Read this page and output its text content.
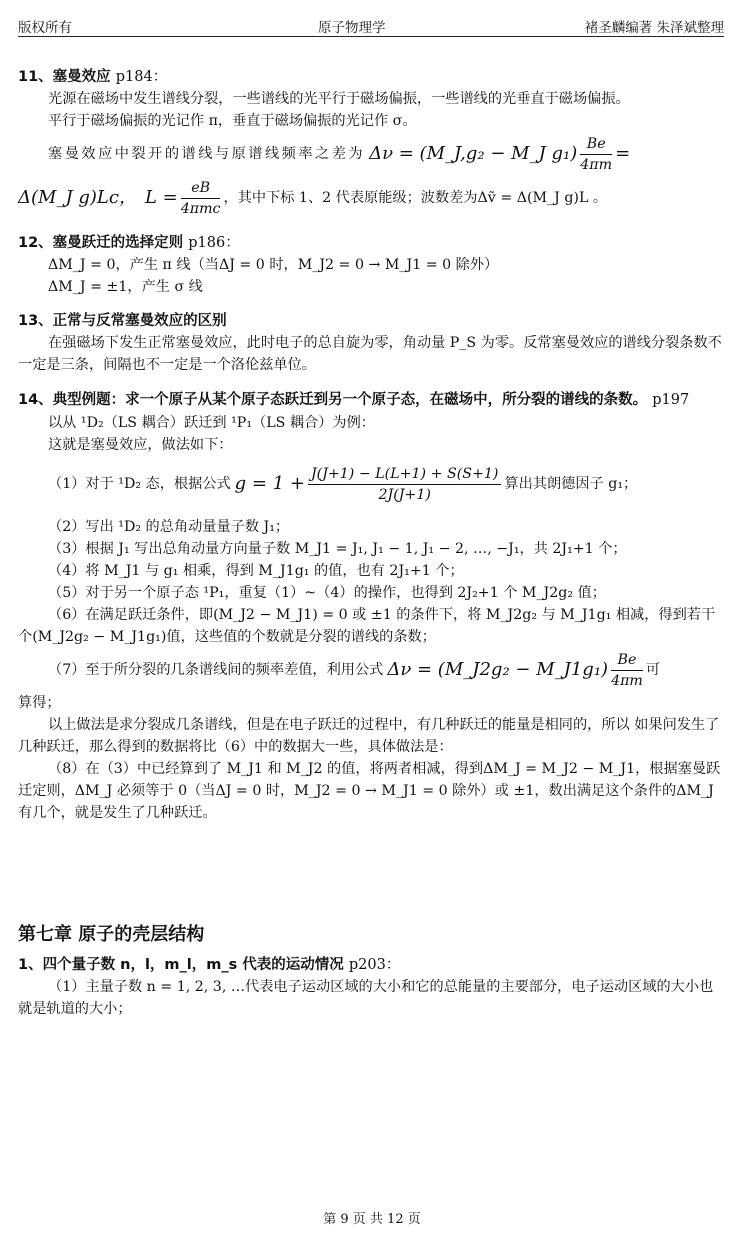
版权所有	原子物理学	褚圣麟编著 朱泽斌整理

11、塞曼效应 p184：

光源在磁场中发生谱线分裂，一些谱线的光平行于磁场偏振，一些谱线的光垂直于磁场偏振。

平行于磁场偏振的光记作 π，垂直于磁场偏振的光记作 σ。

塞曼效应中裂开的谱线与原谱线频率之差为 Δν = (M_J,g₂ − M_J $g_1) \frac{Be}{4\pi m}$ =
Δ(M_J g)Lc， $L = \frac{eB}{\text{4πmc}}$ ，其中下标 1、2 代表原能级；波数差为Δṽ = Δ(M_J g)L 。

12、塞曼跃迁的选择定则 p186：

ΔM_J = 0，产生 π 线（当ΔJ = 0 时，M_J2 = 0 → M_J1 = 0 除外）

ΔM_J = ±1，产生 σ 线

13、正常与反常塞曼效应的区别

在强磁场下发生正常塞曼效应，此时电子的总自旋为零，角动量 P_S 为零。反常塞曼效应的谱线分裂条数不一定是三条，间隔也不一定是一个洛伦兹单位。

14、典型例题：求一个原子从某个原子态跃迁到另一个原子态，在磁场中，所分裂的谱线的条数。 p197

以从 ¹D₂（LS 耦合）跃迁到 ¹P₁（LS 耦合）为例：

这就是塞曼效应，做法如下：

（1）对于 ¹D₂ 态，根据公式 $g = 1 + \frac{J(J+1) - L(L+1) + S(S+1)}{2J(J+1)}$ 算出其朗德因子 g₁；

（2）写出 ¹D₂ 的总角动量量子数 J₁；

（3）根据 J₁ 写出总角动量方向量子数 M_J1 = J₁, J₁ − 1, J₁ − 2, …, −J₁，共 2J₁+1 个；

（4）将 M_J1 与 g₁ 相乘，得到 M_J1g₁ 的值，也有 2J₁+1 个；

（5）对于另一个原子态 ¹P₁，重复（1）~（4）的操作，也得到 2J₂+1 个 M_J2g₂ 值；

（6）在满足跃迁条件，即(M_J2 − M_J1) = 0 或 ±1 的条件下，将 M_J2g₂ 与 M_J1g₁ 相减，得到若干个(M_J2g₂ − M_J1g₁)值，这些值的个数就是分裂的谱线的条数；

（7）至于所分裂的几条谱线间的频率差值，利用公式 Δν = (M_J2g₂ − M_J1g₁) $\frac{Be}{4\pi m}$ 可

算得；

以上做法是求分裂成几条谱线，但是在电子跃迁的过程中，有几种跃迁的能量是相同的，所以 如果问发生了几种跃迁，那么得到的数据将比（6）中的数据大一些，具体做法是：

（8）在（3）中已经算到了 M_J1 和 M_J2 的值，将两者相减，得到ΔM_J = M_J2 − M_J1，根据塞曼跃迁定则，ΔM_J 必须等于 0（当ΔJ = 0 时，M_J2 = 0 → M_J1 = 0 除外）或 ±1，数出满足这个条件的ΔM_J 有几个，就是发生了几种跃迁。

第七章 原子的壳层结构

1、四个量子数 n，l，m_l，m_s 代表的运动情况 p203：

（1）主量子数 n = 1, 2, 3, …代表电子运动区域的大小和它的总能量的主要部分，电子运动区域的大小也就是轨道的大小；

第 9 页 共 12 页
